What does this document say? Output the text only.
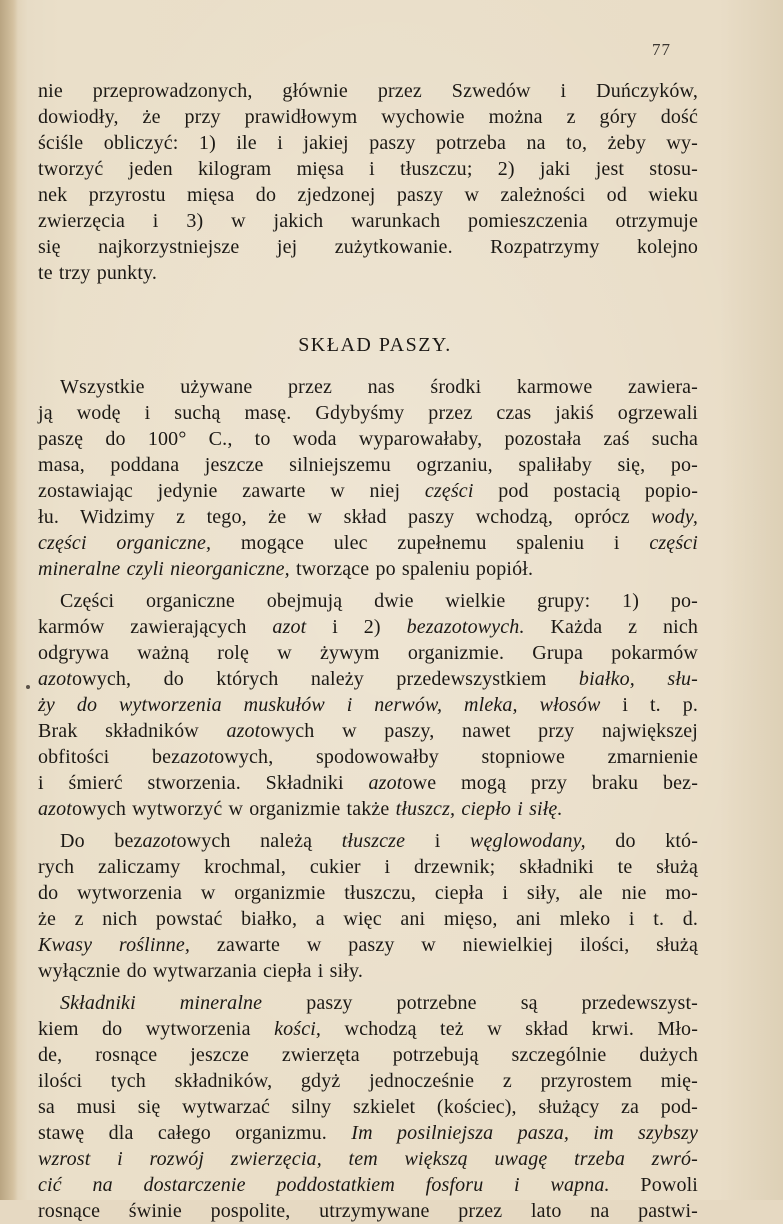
77
nie przeprowadzonych, głównie przez Szwedów i Duńczyków,
dowiodły, że przy prawidłowym wychowie można z góry dość
ściśle obliczyć: 1) ile i jakiej paszy potrzeba na to, żeby wy-
tworzyć jeden kilogram mięsa i tłuszczu; 2) jaki jest stosu-
nek przyrostu mięsa do zjedzonej paszy w zależności od wieku
zwierzęcia i 3) w jakich warunkach pomieszczenia otrzymuje
się najkorzystniejsze jej zużytkowanie. Rozpatrzymy kolejno
te trzy punkty.
SKŁAD PASZY.
Wszystkie używane przez nas środki karmowe zawiera-
ją wodę i suchą masę. Gdybyśmy przez czas jakiś ogrzewali
paszę do 100° C., to woda wyparowałaby, pozostała zaś sucha
masa, poddana jeszcze silniejszemu ogrzaniu, spaliłaby się, po-
zostawiając jedynie zawarte w niej części pod postacią popio-
łu. Widzimy z tego, że w skład paszy wchodzą, oprócz wody,
części organiczne, mogące ulec zupełnemu spaleniu i części
mineralne czyli nieorganiczne, tworzące po spaleniu popiół.
Części organiczne obejmują dwie wielkie grupy: 1) po-
karmów zawierających azot i 2) bezazotowych. Każda z nich
odgrywa ważną rolę w żywym organizmie. Grupa pokarmów
azotowych, do których należy przedewszystkiem białko, słu-
ży do wytworzenia muskułów i nerwów, mleka, włosów i t. p.
Brak składników azotowych w paszy, nawet przy największej
obfitości bezazotowych, spodowowałby stopniowe zmarnienie
i śmierć stworzenia. Składniki azotowe mogą przy braku bez-
azotowych wytworzyć w organizmie także tłuszcz, ciepło i siłę.
Do bezazotowych należą tłuszcze i węglowodany, do któ-
rych zaliczamy krochmal, cukier i drzewnik; składniki te służą
do wytworzenia w organizmie tłuszczu, ciepła i siły, ale nie mo-
że z nich powstać białko, a więc ani mięso, ani mleko i t. d.
Kwasy roślinne, zawarte w paszy w niewielkiej ilości, służą
wyłącznie do wytwarzania ciepła i siły.
Składniki mineralne paszy potrzebne są przedewszyst-
kiem do wytworzenia kości, wchodzą też w skład krwi. Mło-
de, rosnące jeszcze zwierzęta potrzebują szczególnie dużych
ilości tych składników, gdyż jednocześnie z przyrostem mię-
sa musi się wytwarzać silny szkielet (kościec), służący za pod-
stawę dla całego organizmu. Im posilniejsza pasza, im szybszy
wzrost i rozwój zwierzęcia, tem większą uwagę trzeba zwró-
cić na dostarczenie poddostatkiem fosforu i wapna. Powoli
rosnące świnie pospolite, utrzymywane przez lato na pastwi-
